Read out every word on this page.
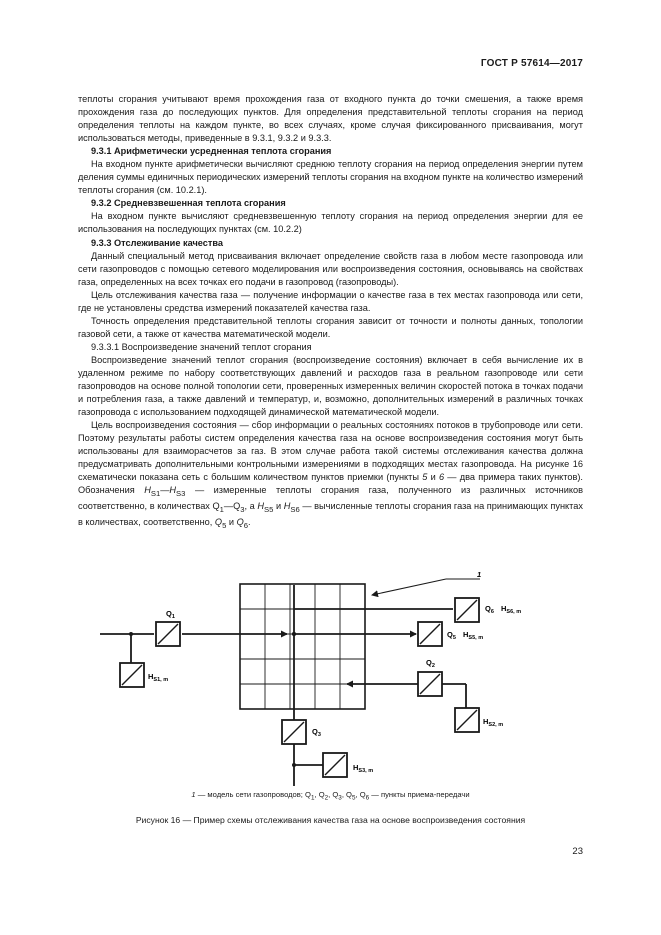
ГОСТ Р 57614—2017

теплоты сгорания учитывают время прохождения газа от входного пункта до точки смешения, а также время прохождения газа до последующих пунктов. Для определения представительной теплоты сгорания на период определения теплоты на каждом пункте, во всех случаях, кроме случая фиксированного присваивания, могут использоваться методы, приведенные в 9.3.1, 9.3.2 и 9.3.3.

9.3.1 Арифметически усредненная теплота сгорания

На входном пункте арифметически вычисляют среднюю теплоту сгорания на период определения энергии путем деления суммы единичных периодических измерений теплоты сгорания на входном пункте на количество измерений теплоты сгорания (см. 10.2.1).

9.3.2 Средневзвешенная теплота сгорания

На входном пункте вычисляют средневзвешенную теплоту сгорания на период определения энергии для ее использования на последующих пунктах (см. 10.2.2)

9.3.3 Отслеживание качества

Данный специальный метод присваивания включает определение свойств газа в любом месте газопровода или сети газопроводов с помощью сетевого моделирования или воспроизведения состояния, основываясь на свойствах газа, определенных на всех точках его подачи в газопровод (газопроводы).

Цель отслеживания качества газа — получение информации о качестве газа в тех местах газопровода или сети, где не установлены средства измерений показателей качества газа.

Точность определения представительной теплоты сгорания зависит от точности и полноты данных, топологии газовой сети, а также от качества математической модели.

9.3.3.1 Воспроизведение значений теплот сгорания

Воспроизведение значений теплот сгорания (воспроизведение состояния) включает в себя вычисление их в удаленном режиме по набору соответствующих давлений и расходов газа в реальном газопроводе или сети газопроводов на основе полной топологии сети, проверенных измеренных величин скоростей потока в точках подачи и потребления газа, а также давлений и температур, и, возможно, дополнительных измерений в различных точках газопровода с использованием подходящей динамической математической модели.

Цель воспроизведения состояния — сбор информации о реальных состояниях потоков в трубопроводе или сети. Поэтому результаты работы систем определения качества газа на основе воспроизведения состояния могут быть использованы для взаиморасчетов за газ. В этом случае работа такой системы отслеживания качества должна предусматривать дополнительными контрольными измерениями в подходящих местах газопровода. На рисунке 16 схематически показана сеть с большим количеством пунктов приемки (пункты 5 и 6 — два примера таких пунктов). Обозначения $H_{S1}—H_{S3}$ — измеренные теплоты сгорания газа, полученного из различных источников соответственно, в количествах $Q_1—Q_3$, а $H_{S5}$ и $H_{S6}$ — вычисленные теплоты сгорания газа на принимающих пунктах в количествах, соответственно, $Q_5$ и $Q_6$.

1
$Q_1$
$H_{S1, m}$
$Q_6$ $H_{S6, m}$
$Q_5$ $H_{S5, m}$
$Q_2$
$H_{S2, m}$
$Q_3$
$H_{S3, m}$
1 — модель сети газопроводов; $Q_1$, $Q_2$, $Q_3$, $Q_5$, $Q_6$ — пункты приема-передачи
Рисунок 16 — Пример схемы отслеживания качества газа на основе воспроизведения состояния
23
